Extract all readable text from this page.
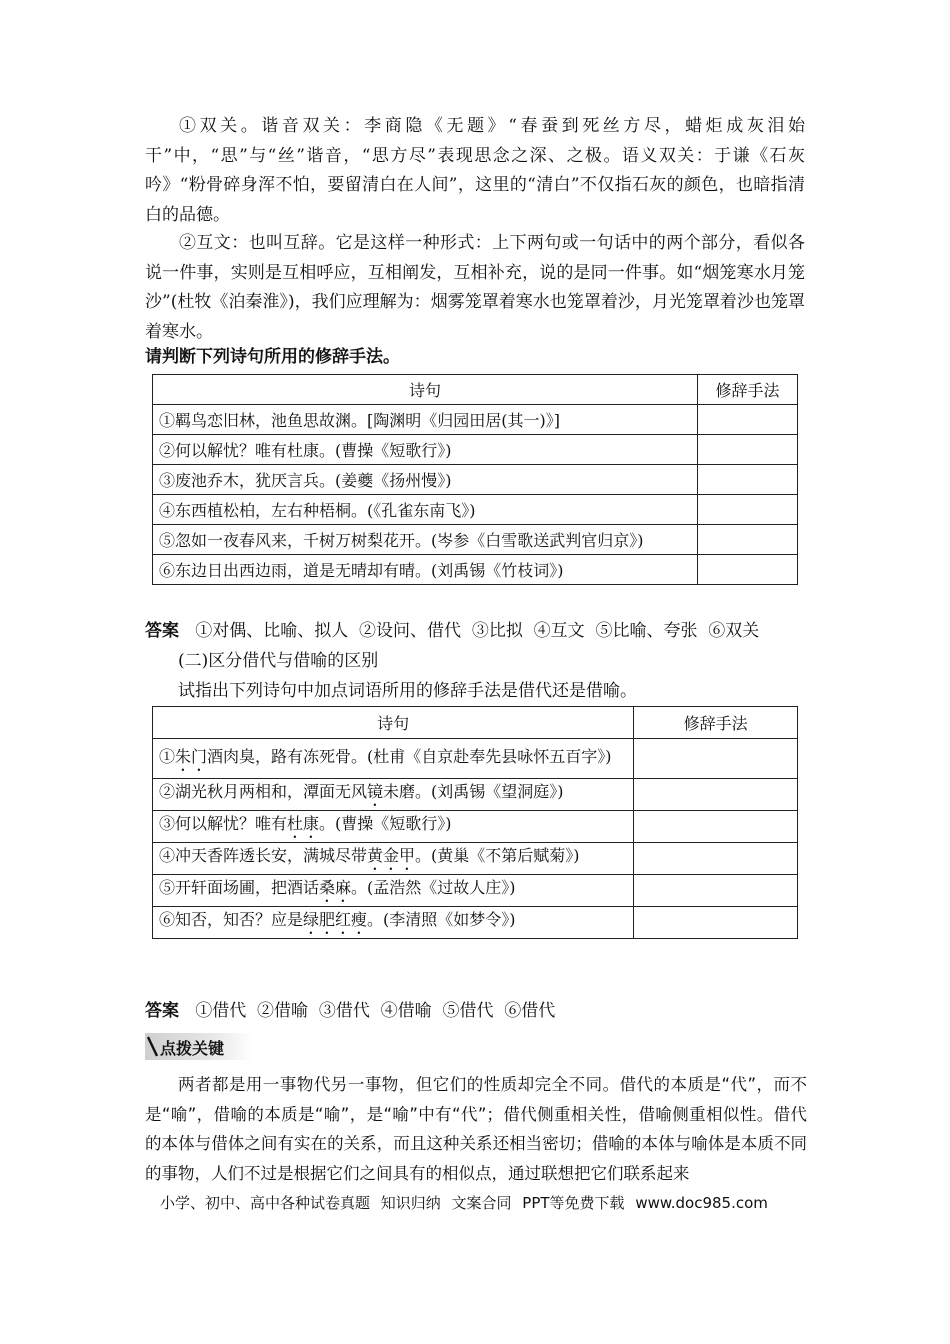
①双关。谐音双关：李商隐《无题》“春蚕到死丝方尽，蜡炬成灰泪始干”中，“思”与“丝”谐音，“思方尽”表现思念之深、之极。语义双关：于谦《石灰吟》“粉骨碎身浑不怕，要留清白在人间”，这里的“清白”不仅指石灰的颜色，也暗指清白的品德。

②互文：也叫互辞。它是这样一种形式：上下两句或一句话中的两个部分，看似各说一件事，实则是互相呼应，互相阐发，互相补充，说的是同一件事。如“烟笼寒水月笼沙”(杜牧《泊秦淮》)，我们应理解为：烟雾笼罩着寒水也笼罩着沙，月光笼罩着沙也笼罩着寒水。

请判断下列诗句所用的修辞手法。
诗句	修辞手法
①羁鸟恋旧林，池鱼思故渊。[陶渊明《归园田居(其一)》]	
②何以解忧？唯有杜康。(曹操《短歌行》)	
③废池乔木，犹厌言兵。(姜夔《扬州慢》)	
④东西植松柏，左右种梧桐。(《孔雀东南飞》)	
⑤忽如一夜春风来，千树万树梨花开。(岑参《白雪歌送武判官归京》)	
⑥东边日出西边雨，道是无晴却有晴。(刘禹锡《竹枝词》)	
答案 ①对偶、比喻、拟人  ②设问、借代  ③比拟  ④互文  ⑤比喻、夸张  ⑥双关
(二)区分借代与借喻的区别
试指出下列诗句中加点词语所用的修辞手法是借代还是借喻。
诗句	修辞手法
①朱门酒肉臭，路有冻死骨。(杜甫《自京赴奉先县咏怀五百字》)	
②湖光秋月两相和，潭面无风镜未磨。(刘禹锡《望洞庭》)	
③何以解忧？唯有杜康。(曹操《短歌行》)	
④冲天香阵透长安，满城尽带黄金甲。(黄巢《不第后赋菊》)	
⑤开轩面场圃，把酒话桑麻。(孟浩然《过故人庄》)	
⑥知否，知否？应是绿肥红瘦。(李清照《如梦令》)	
答案 ①借代  ②借喻  ③借代  ④借喻  ⑤借代  ⑥借代
点拨关键

两者都是用一事物代另一事物，但它们的性质却完全不同。借代的本质是“代”，而不是“喻”，借喻的本质是“喻”，是“喻”中有“代”；借代侧重相关性，借喻侧重相似性。借代的本体与借体之间有实在的关系，而且这种关系还相当密切；借喻的本体与喻体是本质不同的事物，人们不过是根据它们之间具有的相似点，通过联想把它们联系起来

小学、初中、高中各种试卷真题 知识归纳 文案合同 PPT等免费下载 www.doc985.com
